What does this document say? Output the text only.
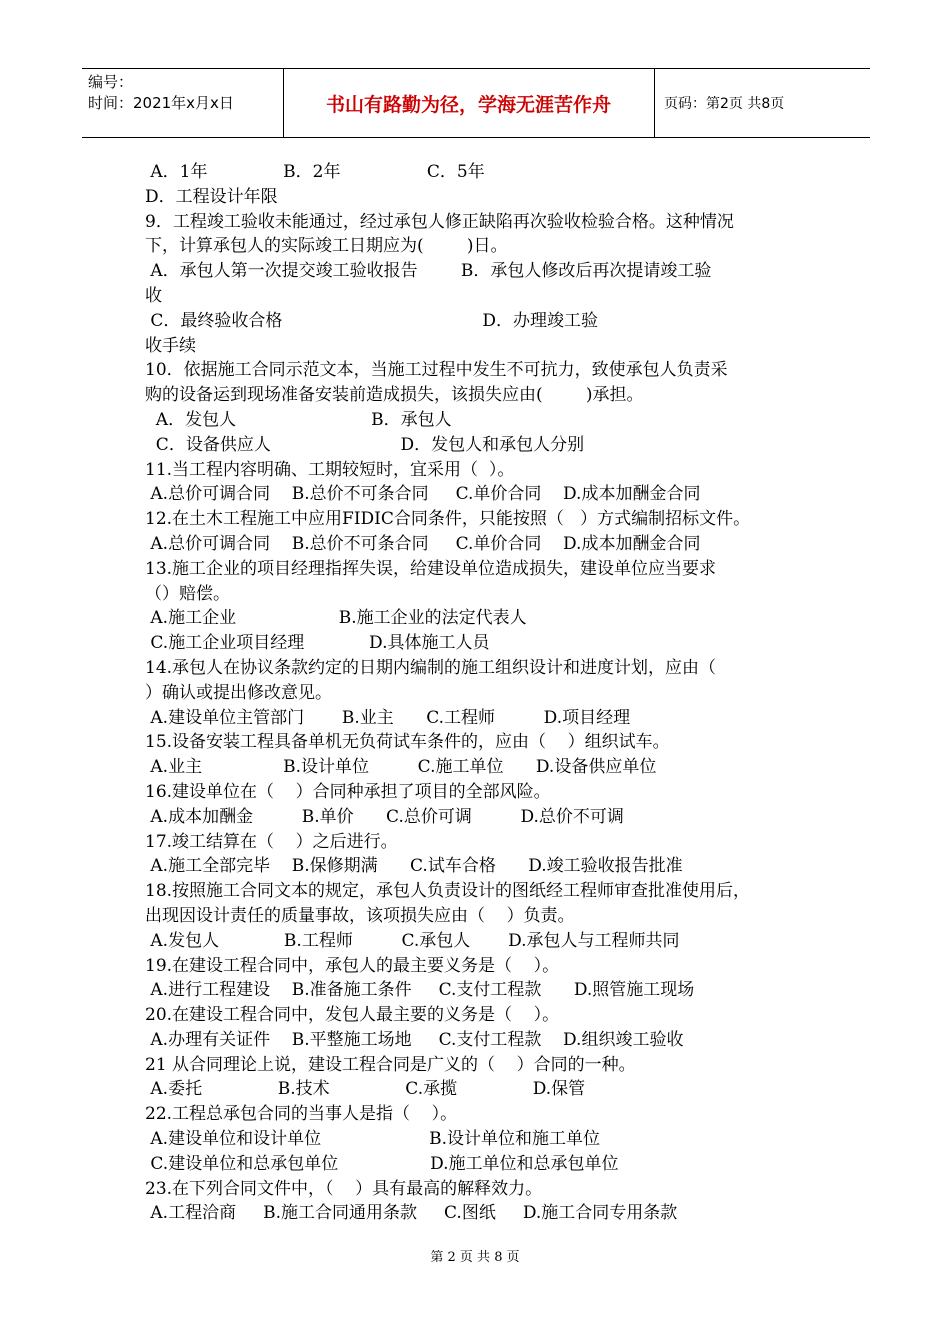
编号：
时间：2021年x月x日	书山有路勤为径，学海无涯苦作舟	页码：第2页 共8页
A．1年              B．2年                C．5年
D．工程设计年限
9．工程竣工验收未能通过，经过承包人修正缺陷再次验收检验合格。这种情况
下，计算承包人的实际竣工日期应为(        )日。
A．承包人第一次提交竣工验收报告        B．承包人修改后再次提请竣工验
收
C．最终验收合格                                     D．办理竣工验
收手续
10．依据施工合同示范文本，当施工过程中发生不可抗力，致使承包人负责采
购的设备运到现场准备安装前造成损失，该损失应由(        )承担。
A．发包人                         B．承包人
C．设备供应人                        D．发包人和承包人分别
11.当工程内容明确、工期较短时，宜采用（  ）。
A.总价可调合同    B.总价不可条合同     C.单价合同    D.成本加酬金合同
12.在土木工程施工中应用FIDIC合同条件，只能按照（   ）方式编制招标文件。
A.总价可调合同    B.总价不可条合同     C.单价合同    D.成本加酬金合同
13.施工企业的项目经理指挥失误，给建设单位造成损失，建设单位应当要求
（）赔偿。
A.施工企业                   B.施工企业的法定代表人
C.施工企业项目经理            D.具体施工人员
14.承包人在协议条款约定的日期内编制的施工组织设计和进度计划，应由（
）确认或提出修改意见。
A.建设单位主管部门       B.业主      C.工程师         D.项目经理
15.设备安装工程具备单机无负荷试车条件的，应由（    ）组织试车。
A.业主               B.设计单位         C.施工单位      D.设备供应单位
16.建设单位在（    ）合同种承担了项目的全部风险。
A.成本加酬金         B.单价      C.总价可调         D.总价不可调
17.竣工结算在（    ）之后进行。
A.施工全部完毕    B.保修期满      C.试车合格      D.竣工验收报告批准
18.按照施工合同文本的规定，承包人负责设计的图纸经工程师审查批准使用后，
出现因设计责任的质量事故，该项损失应由（    ）负责。
A.发包人            B.工程师         C.承包人       D.承包人与工程师共同
19.在建设工程合同中，承包人的最主要义务是（    ）。
A.进行工程建设    B.准备施工条件     C.支付工程款      D.照管施工现场
20.在建设工程合同中，发包人最主要的义务是（    ）。
A.办理有关证件    B.平整施工场地     C.支付工程款    D.组织竣工验收
21 从合同理论上说，建设工程合同是广义的（    ）合同的一种。
A.委托              B.技术              C.承揽              D.保管
22.工程总承包合同的当事人是指（    ）。
A.建设单位和设计单位                    B.设计单位和施工单位
C.建设单位和总承包单位                 D.施工单位和总承包单位
23.在下列合同文件中，（    ）具有最高的解释效力。
A.工程洽商     B.施工合同通用条款     C.图纸     D.施工合同专用条款
第 2 页 共 8 页
